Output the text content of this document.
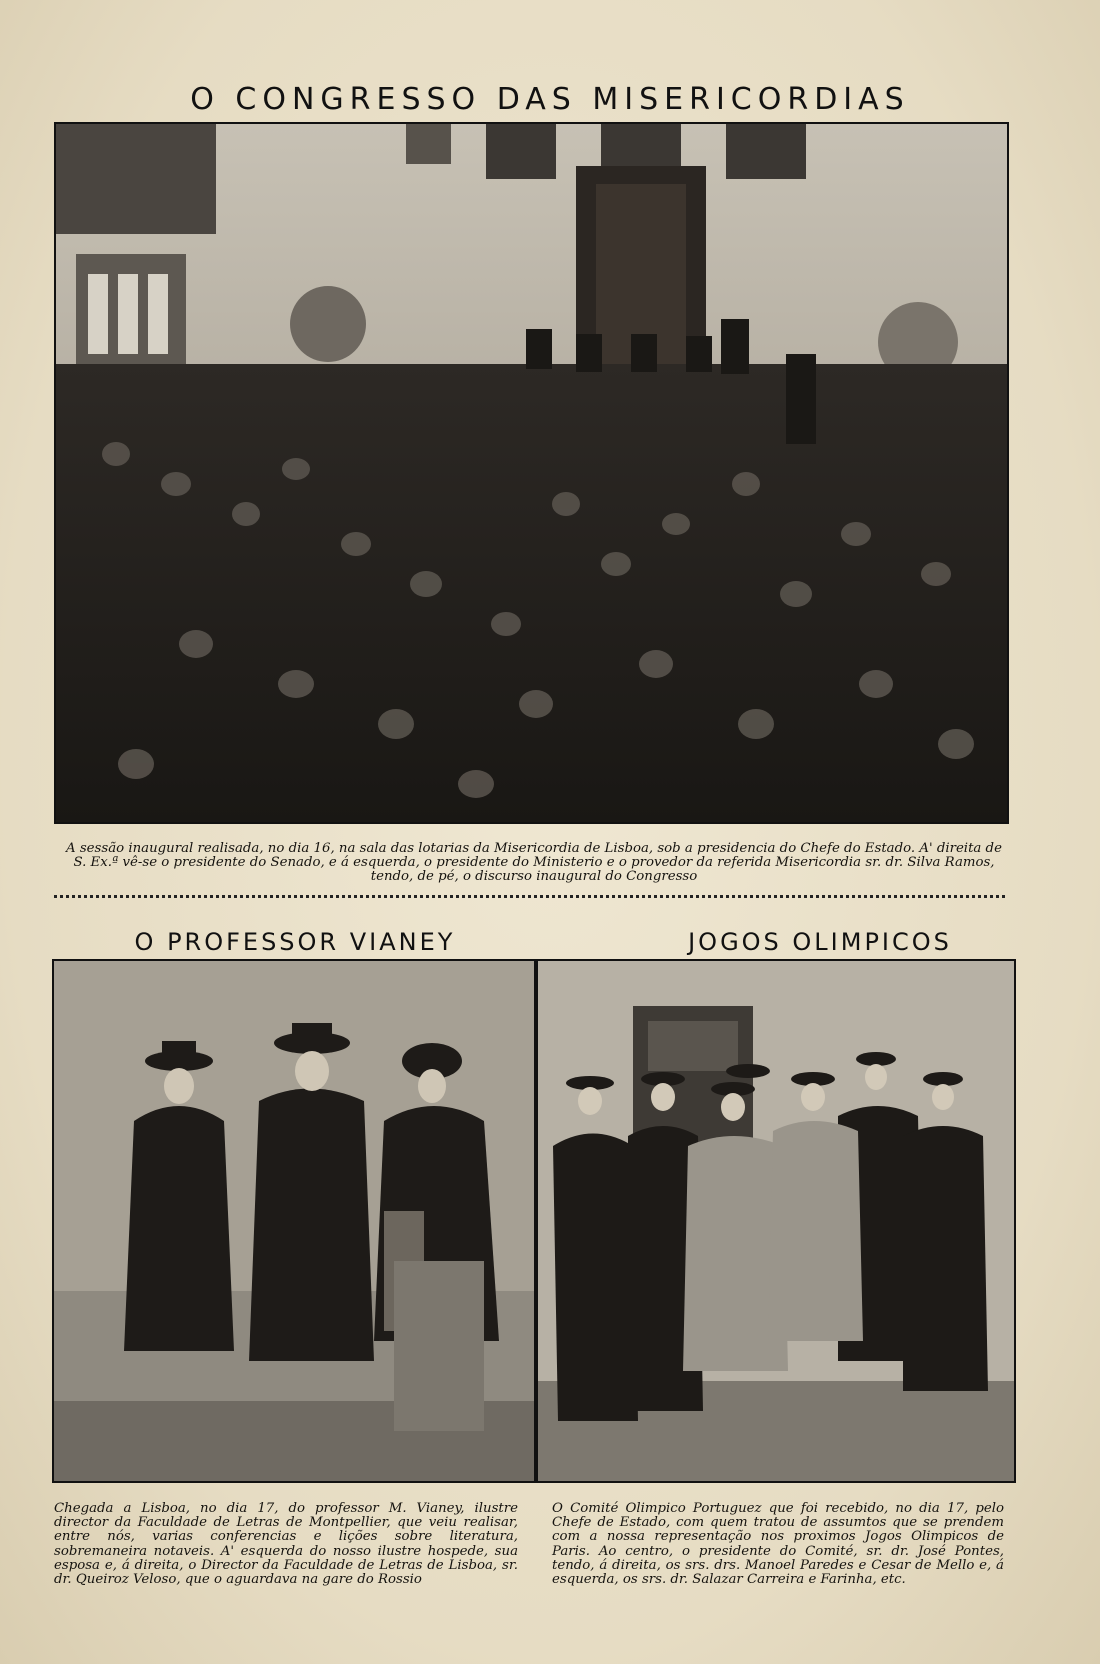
O CONGRESSO DAS MISERICORDIAS
A sessão inaugural realisada, no dia 16, na sala das lotarias da Misericordia de Lisboa, sob a presidencia do Chefe do Estado. A' direita de S. Ex.ª vê-se o presidente do Senado, e á esquerda, o presidente do Ministerio e o provedor da referida Misericordia sr. dr. Silva Ramos, tendo, de pé, o discurso inaugural do Congresso
O PROFESSOR VIANEY	JOGOS OLIMPICOS
Chegada a Lisboa, no dia 17, do professor M. Vianey, ilustre director da Faculdade de Letras de Montpellier, que veiu realisar, entre nós, varias conferencias e lições sobre literatura, sobremaneira notaveis. A' esquerda do nosso ilustre hospede, sua esposa e, á direita, o Director da Faculdade de Letras de Lisboa, sr. dr. Queiroz Veloso, que o aguardava na gare do Rossio
O Comité Olimpico Portuguez que foi recebido, no dia 17, pelo Chefe de Estado, com quem tratou de assumtos que se prendem com a nossa representação nos proximos Jogos Olimpicos de Paris. Ao centro, o presidente do Comité, sr. dr. José Pontes, tendo, á direita, os srs. drs. Manoel Paredes e Cesar de Mello e, á esquerda, os srs. dr. Salazar Carreira e Farinha, etc.
